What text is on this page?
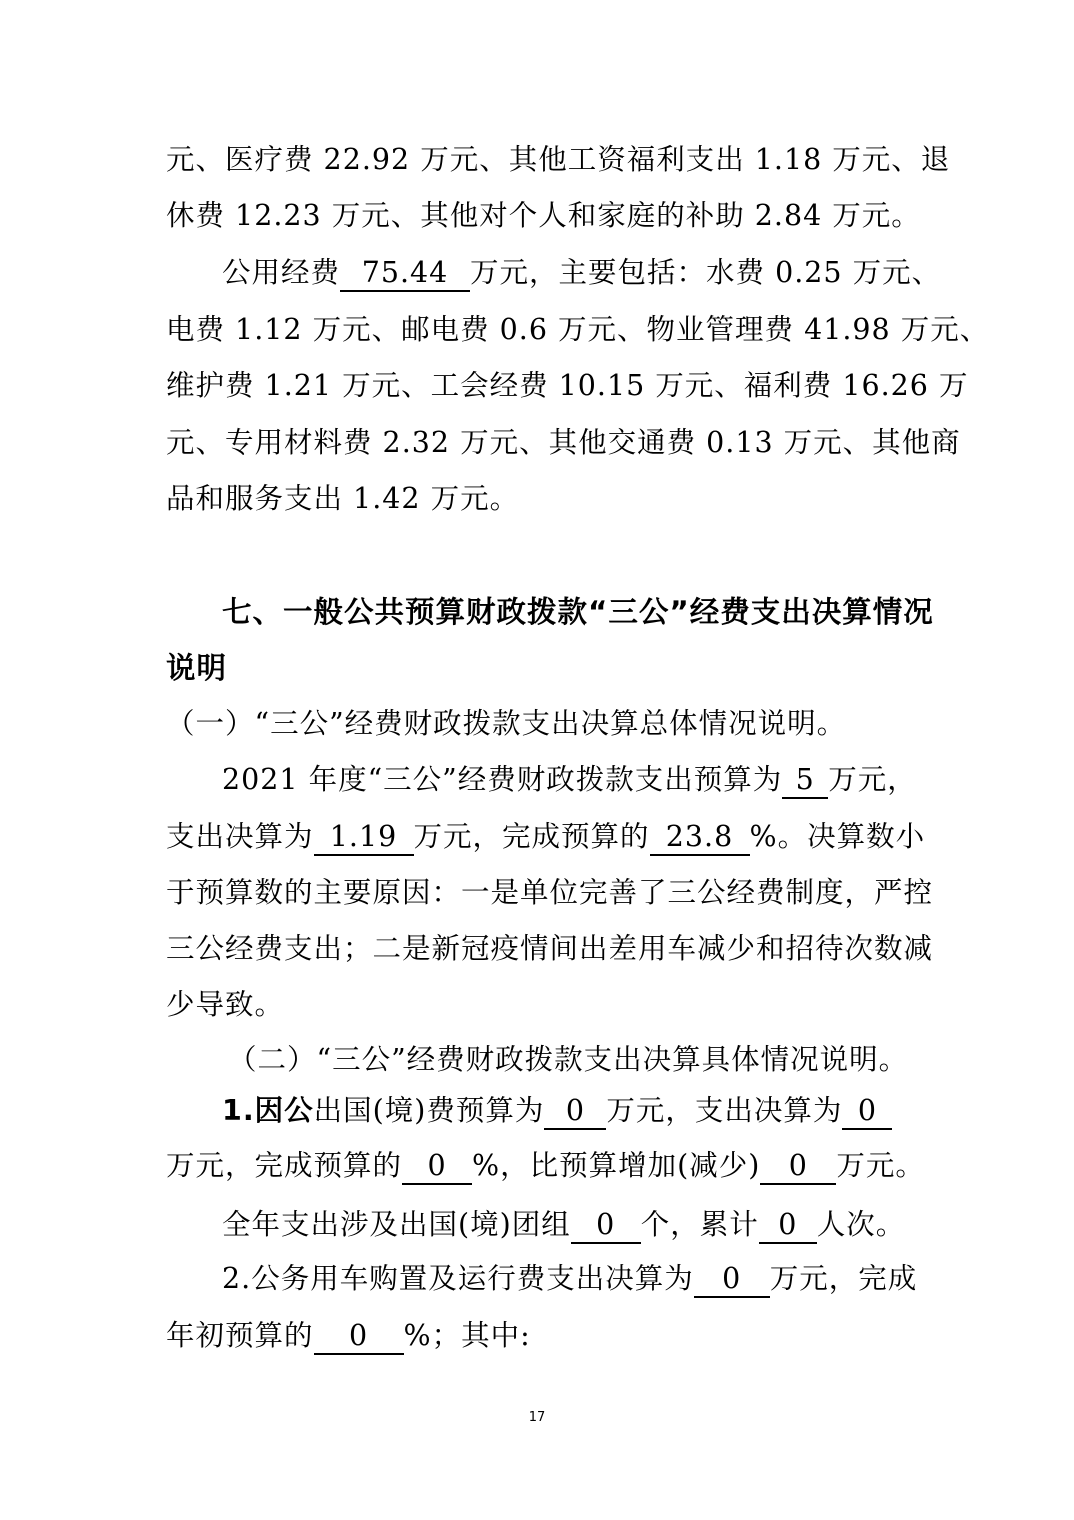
元、医疗费 22.92 万元、其他工资福利支出 1.18 万元、退
休费 12.23 万元、其他对个人和家庭的补助 2.84 万元。
公用经费 75.44 万元，主要包括：水费 0.25 万元、
电费 1.12 万元、邮电费 0.6 万元、物业管理费 41.98 万元、
维护费 1.21 万元、工会经费 10.15 万元、福利费 16.26 万
元、专用材料费 2.32 万元、其他交通费 0.13 万元、其他商
品和服务支出 1.42 万元。
七、一般公共预算财政拨款“三公”经费支出决算情况
说明
（一）“三公”经费财政拨款支出决算总体情况说明。
2021 年度“三公”经费财政拨款支出预算为 5 万元，
支出决算为 1.19 万元，完成预算的 23.8 %。决算数小
于预算数的主要原因：一是单位完善了三公经费制度，严控
三公经费支出；二是新冠疫情间出差用车减少和招待次数减
少导致。
（二）“三公”经费财政拨款支出决算具体情况说明。
1.因公出国(境)费预算为 0 万元，支出决算为 0
万元，完成预算的 0 %，比预算增加(减少) 0 万元。
全年支出涉及出国(境)团组 0 个，累计 0 人次。
2.公务用车购置及运行费支出决算为 0 万元，完成
年初预算的 0 %；其中:
17
